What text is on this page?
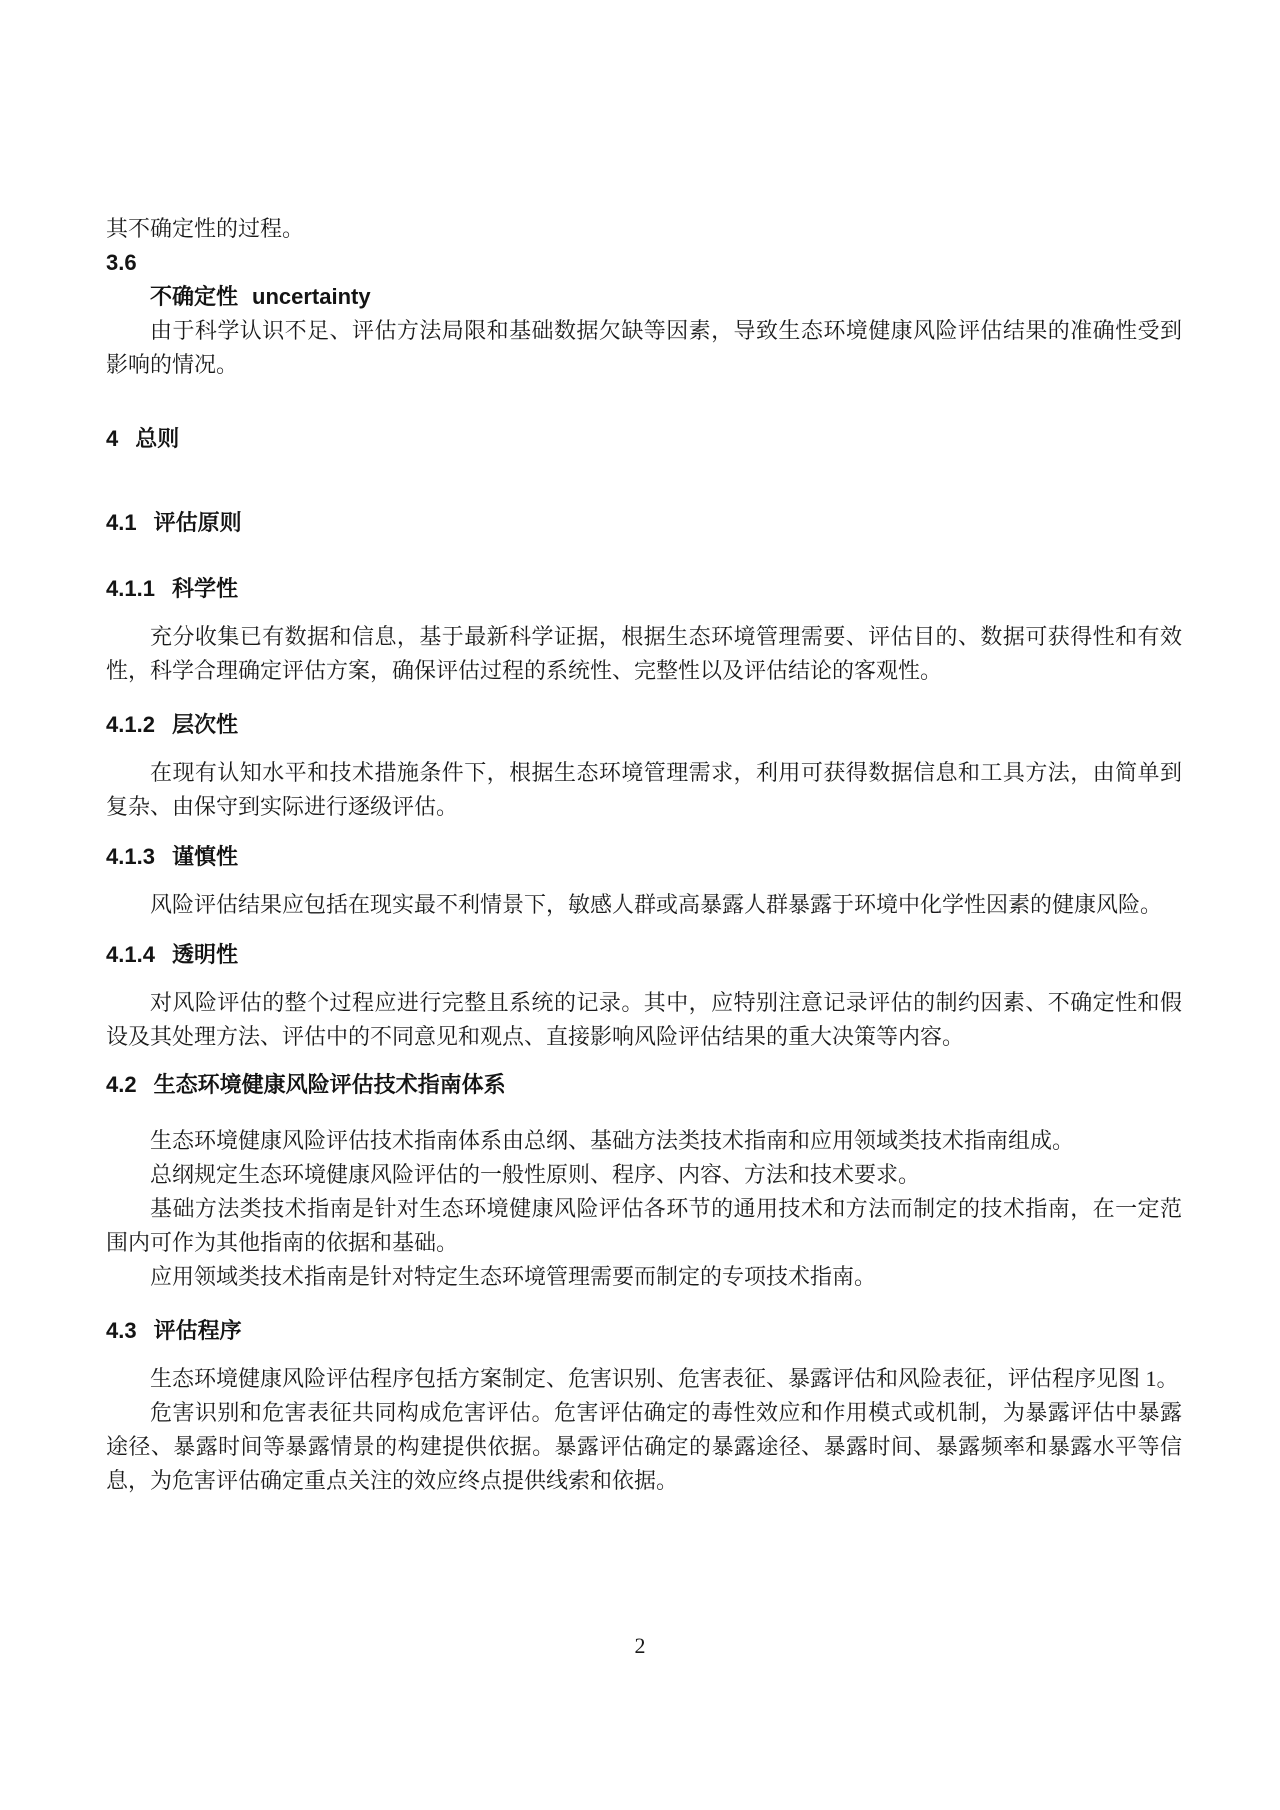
其不确定性的过程。

3.6
不确定性 uncertainty

由于科学认识不足、评估方法局限和基础数据欠缺等因素，导致生态环境健康风险评估结果的准确性受到影响的情况。

4 总则
4.1 评估原则
4.1.1 科学性

充分收集已有数据和信息，基于最新科学证据，根据生态环境管理需要、评估目的、数据可获得性和有效性，科学合理确定评估方案，确保评估过程的系统性、完整性以及评估结论的客观性。

4.1.2 层次性

在现有认知水平和技术措施条件下，根据生态环境管理需求，利用可获得数据信息和工具方法，由简单到复杂、由保守到实际进行逐级评估。

4.1.3 谨慎性

风险评估结果应包括在现实最不利情景下，敏感人群或高暴露人群暴露于环境中化学性因素的健康风险。

4.1.4 透明性

对风险评估的整个过程应进行完整且系统的记录。其中，应特别注意记录评估的制约因素、不确定性和假设及其处理方法、评估中的不同意见和观点、直接影响风险评估结果的重大决策等内容。

4.2 生态环境健康风险评估技术指南体系

生态环境健康风险评估技术指南体系由总纲、基础方法类技术指南和应用领域类技术指南组成。

总纲规定生态环境健康风险评估的一般性原则、程序、内容、方法和技术要求。

基础方法类技术指南是针对生态环境健康风险评估各环节的通用技术和方法而制定的技术指南，在一定范围内可作为其他指南的依据和基础。

应用领域类技术指南是针对特定生态环境管理需要而制定的专项技术指南。

4.3 评估程序

生态环境健康风险评估程序包括方案制定、危害识别、危害表征、暴露评估和风险表征，评估程序见图 1。

危害识别和危害表征共同构成危害评估。危害评估确定的毒性效应和作用模式或机制，为暴露评估中暴露途径、暴露时间等暴露情景的构建提供依据。暴露评估确定的暴露途径、暴露时间、暴露频率和暴露水平等信息，为危害评估确定重点关注的效应终点提供线索和依据。

2
